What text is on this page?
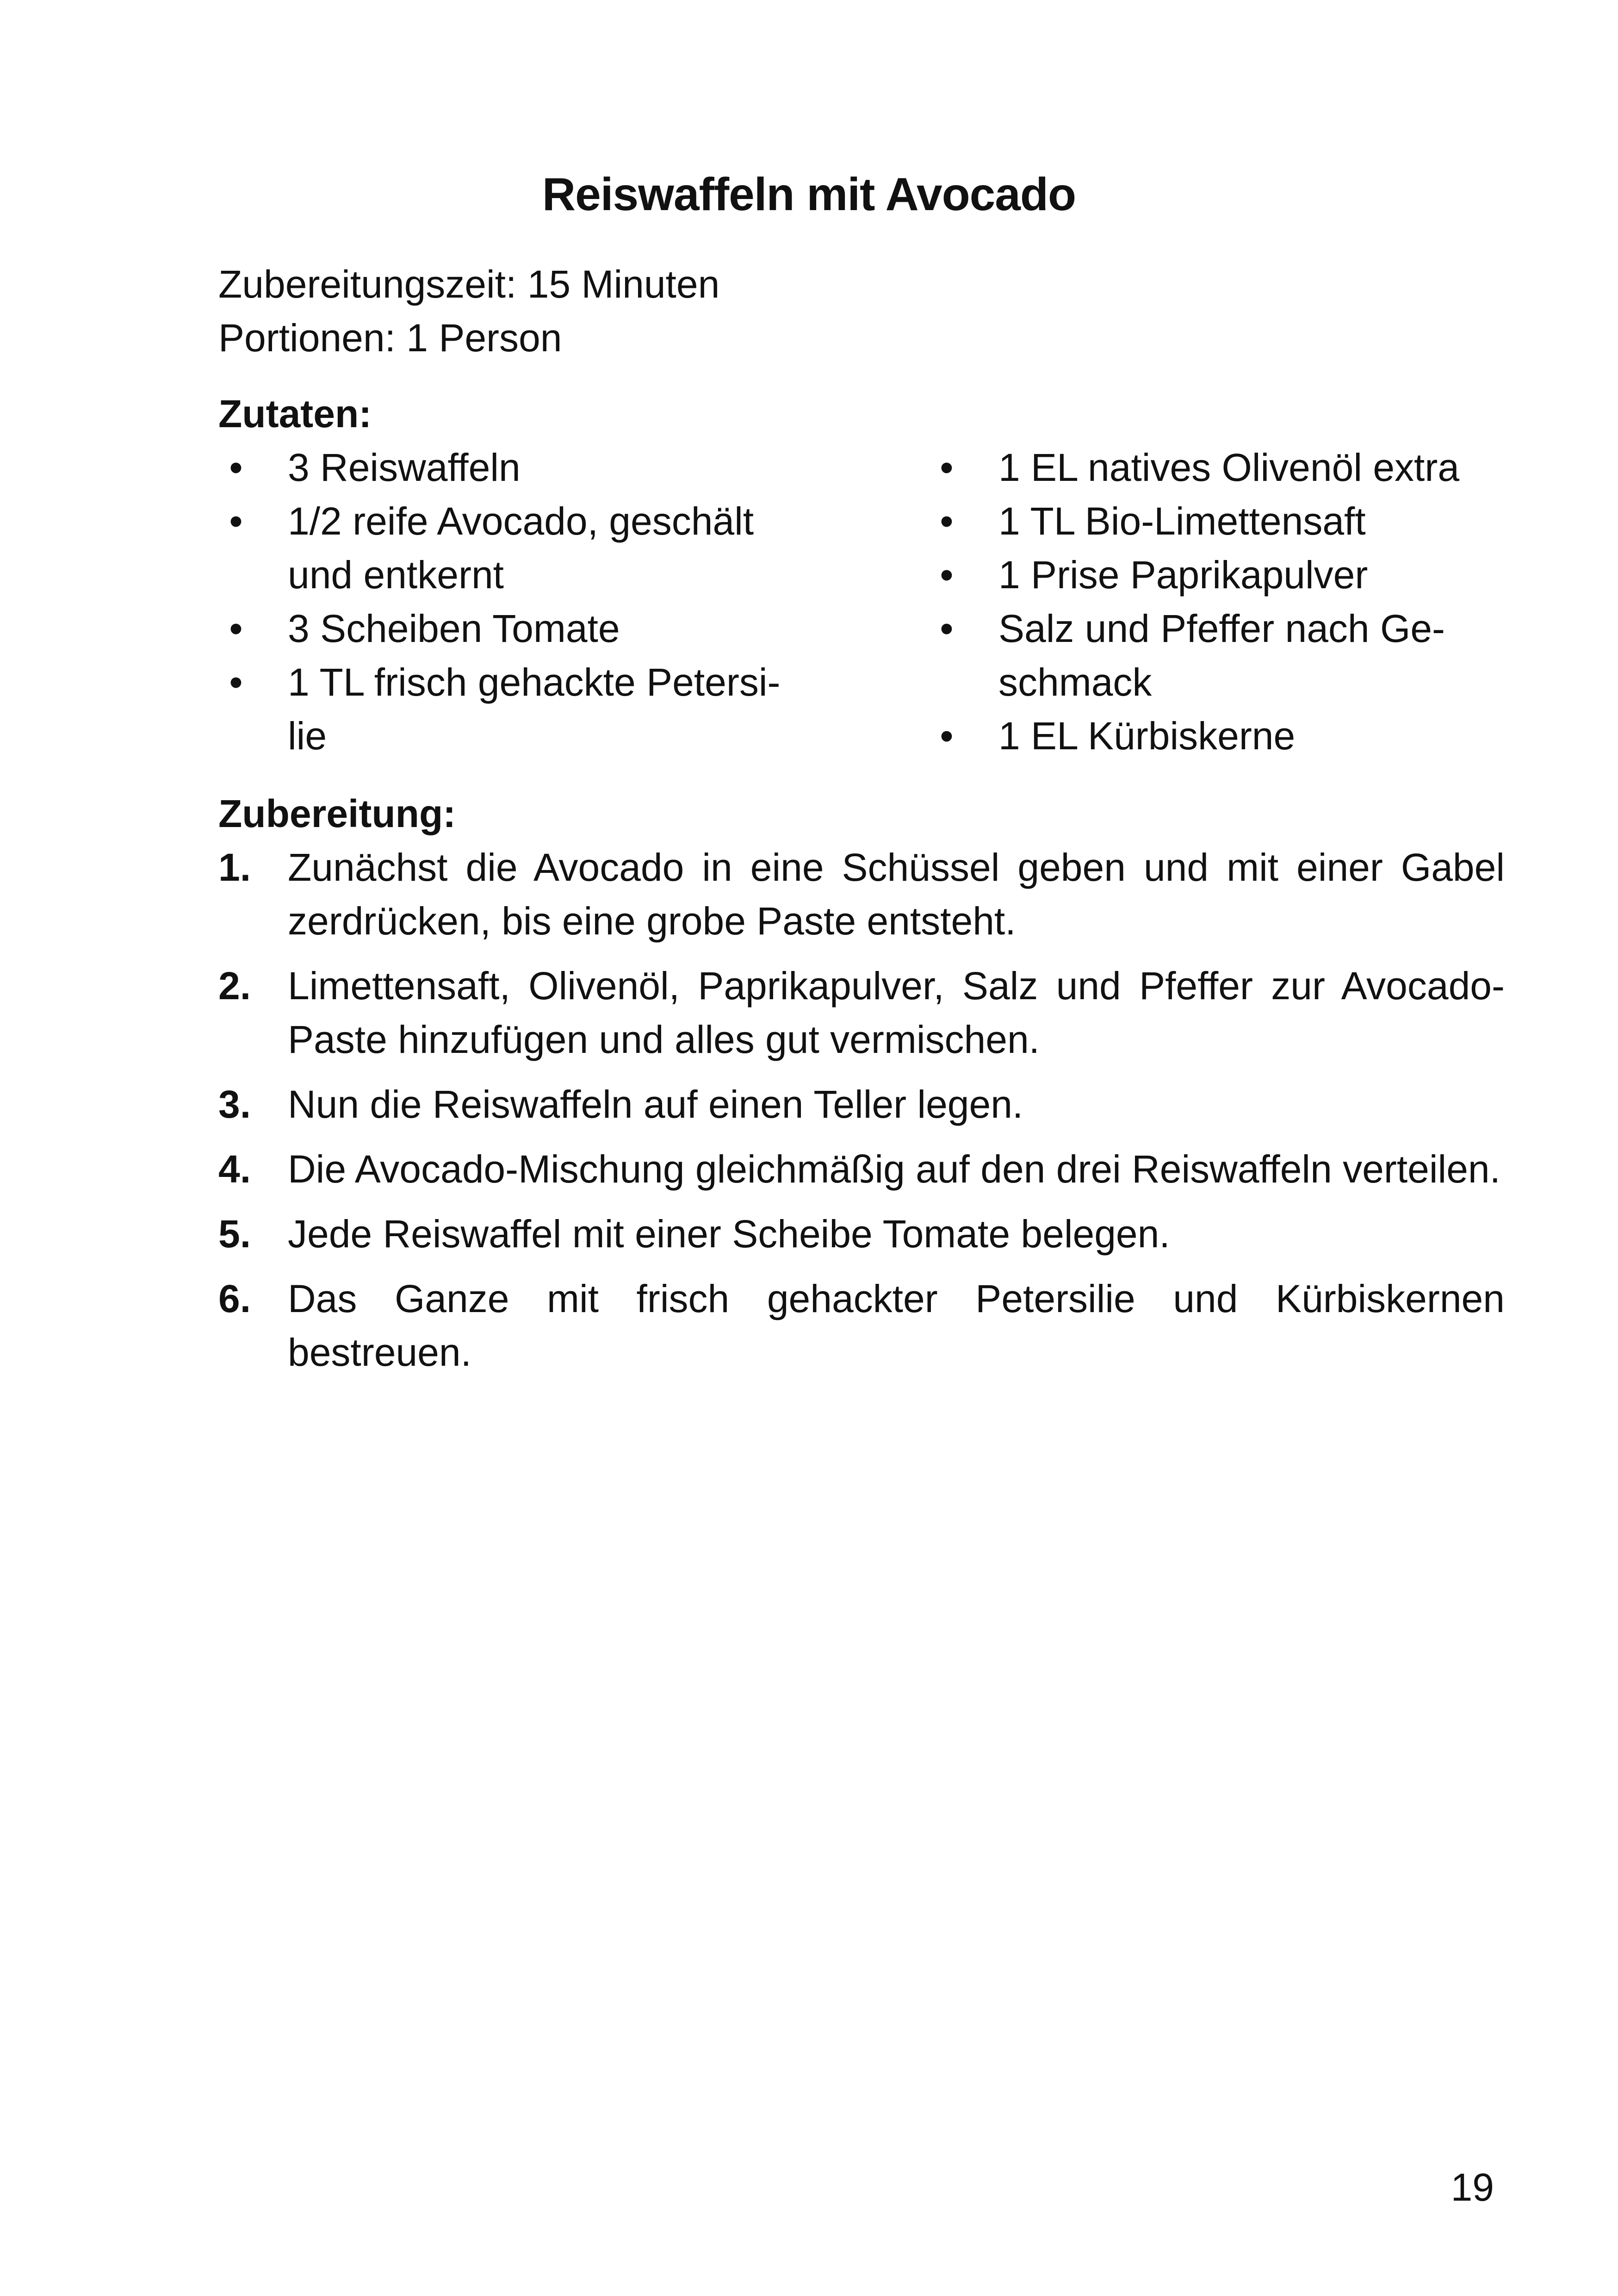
Reiswaffeln mit Avocado
Zubereitungszeit: 15 Minuten
Portionen: 1 Person
Zutaten:
• 3 Reiswaffeln
• 1/2 reife Avocado, geschält und entkernt
• 3 Scheiben Tomate
• 1 TL frisch gehackte Petersi-lie
• 1 EL natives Olivenöl extra
• 1 TL Bio-Limettensaft
• 1 Prise Paprikapulver
• Salz und Pfeffer nach Ge-schmack
• 1 EL Kürbiskerne
Zubereitung:
1. Zunächst die Avocado in eine Schüssel geben und mit einer Gabel zerdrücken, bis eine grobe Paste entsteht.
2. Limettensaft, Olivenöl, Paprikapulver, Salz und Pfeffer zur Avocado-Paste hinzufügen und alles gut vermischen.
3. Nun die Reiswaffeln auf einen Teller legen.
4. Die Avocado-Mischung gleichmäßig auf den drei Reiswaffeln verteilen.
5. Jede Reiswaffel mit einer Scheibe Tomate belegen.
6. Das Ganze mit frisch gehackter Petersilie und Kürbiskernen bestreuen.
19
